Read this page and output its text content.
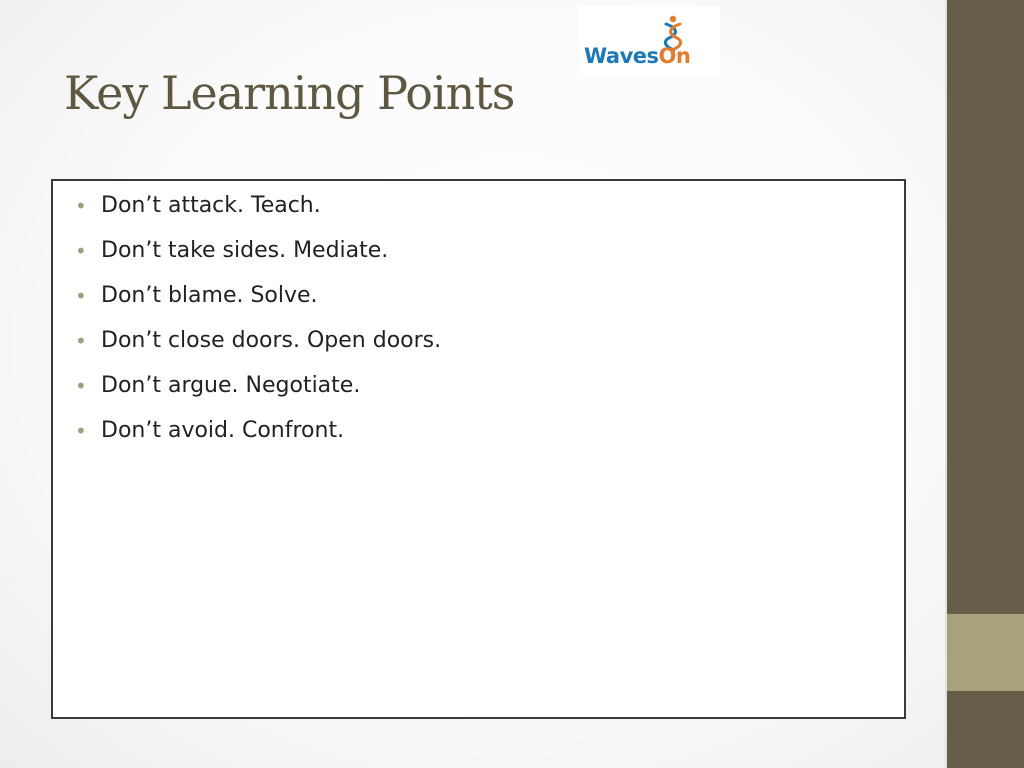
WavesOn
Key Learning Points
• Don’t attack. Teach.
• Don’t take sides. Mediate.
• Don’t blame. Solve.
• Don’t close doors. Open doors.
• Don’t argue. Negotiate.
• Don’t avoid. Confront.
